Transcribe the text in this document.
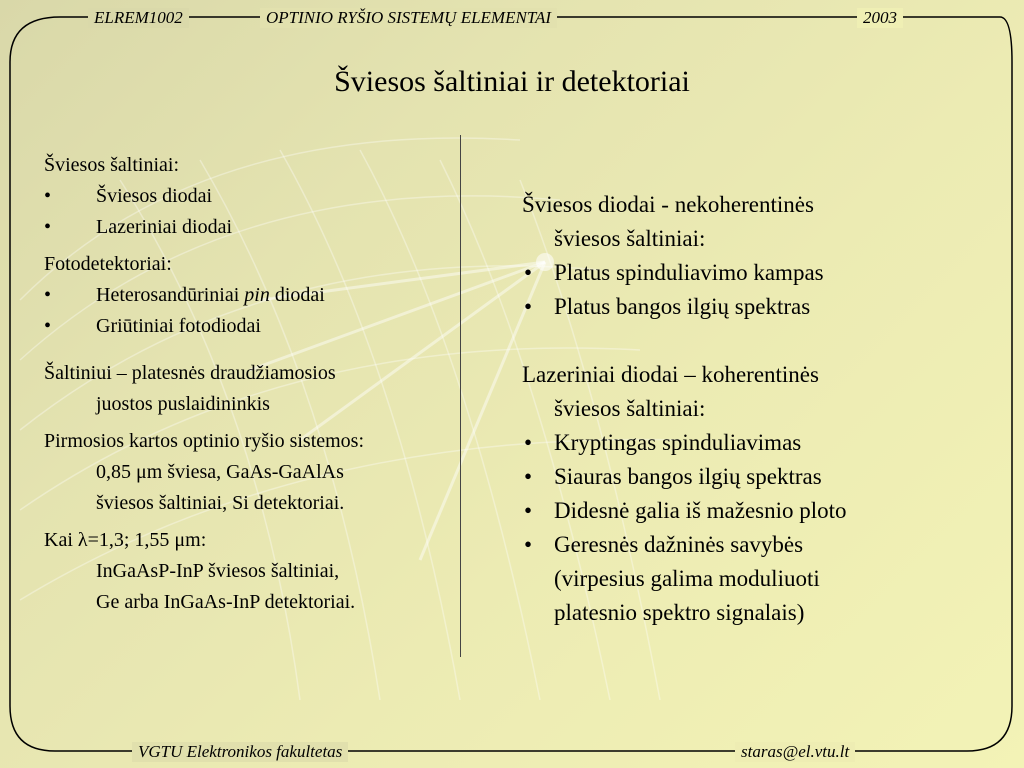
ELREM1002	OPTINIO RYŠIO SISTEMŲ ELEMENTAI	2003
Šviesos šaltiniai ir detektoriai

Šviesos šaltiniai:

• Šviesos diodai

• Lazeriniai diodai

Fotodetektoriai:

• Heterosandūriniai pin diodai

• Griūtiniai fotodiodai

Šaltiniui – platesnės draudžiamosios

juostos puslaidininkis

Pirmosios kartos optinio ryšio sistemos:

0,85 μm šviesa, GaAs-GaAlAs

šviesos šaltiniai, Si detektoriai.

Kai λ=1,3; 1,55 μm:

InGaAsP-InP šviesos šaltiniai,

Ge arba InGaAs-InP detektoriai.

Šviesos diodai - nekoherentinės

šviesos šaltiniai:

• Platus spinduliavimo kampas

• Platus bangos ilgių spektras

Lazeriniai diodai – koherentinės

šviesos šaltiniai:

• Kryptingas spinduliavimas

• Siauras bangos ilgių spektras

• Didesnė galia iš mažesnio ploto

• Geresnės dažninės savybės

(virpesius galima moduliuoti

platesnio spektro signalais)

VGTU Elektronikos fakultetas	staras@el.vtu.lt
